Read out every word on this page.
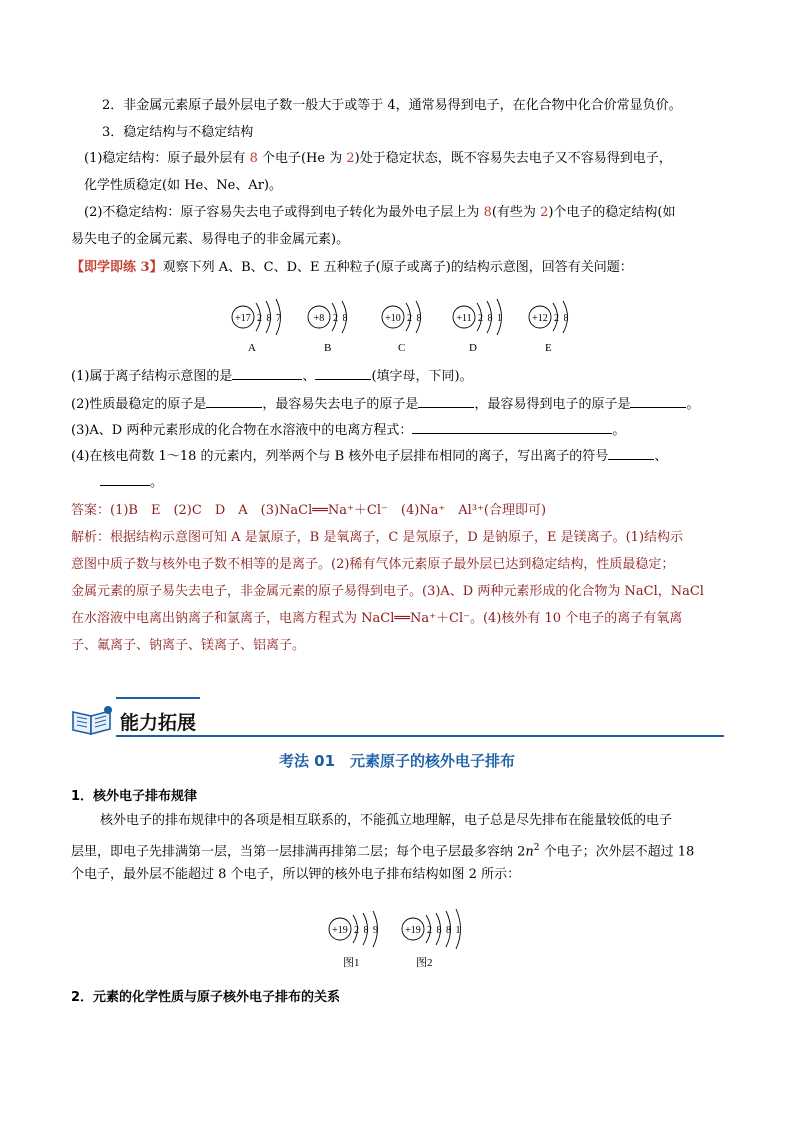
2．非金属元素原子最外层电子数一般大于或等于 4，通常易得到电子，在化合物中化合价常显负价。
3．稳定结构与不稳定结构
(1)稳定结构：原子最外层有 8 个电子(He 为 2)处于稳定状态，既不容易失去电子又不容易得到电子，
化学性质稳定(如 He、Ne、Ar)。
(2)不稳定结构：原子容易失去电子或得到电子转化为最外电子层上为 8(有些为 2)个电子的稳定结构(如
易失电子的金属元素、易得电子的非金属元素)。
【即学即练 3】观察下列 A、B、C、D、E 五种粒子(原子或离子)的结构示意图，回答有关问题：
+17 2 8 7
A
+8 2 8
B
+10 2 8
C
+11 2 8 1
D
+12 2 8
E
(1)属于离子结构示意图的是	、	(填字母，下同)。
(2)性质最稳定的原子是	，最容易失去电子的原子是	，最容易得到电子的原子是	。
(3)A、D 两种元素形成的化合物在水溶液中的电离方程式：	。
(4)在核电荷数 1～18 的元素内，列举两个与 B 核外电子层排布相同的离子，写出离子的符号	、
。
答案：(1)B　E　(2)C　D　A　(3)NaCl══Na⁺＋Cl⁻　(4)Na⁺　Al³⁺(合理即可)
解析：根据结构示意图可知 A 是氯原子，B 是氧离子，C 是氖原子，D 是钠原子，E 是镁离子。(1)结构示
意图中质子数与核外电子数不相等的是离子。(2)稀有气体元素原子最外层已达到稳定结构，性质最稳定；
金属元素的原子易失去电子，非金属元素的原子易得到电子。(3)A、D 两种元素形成的化合物为 NaCl，NaCl
在水溶液中电离出钠离子和氯离子，电离方程式为 NaCl══Na⁺＋Cl⁻。(4)核外有 10 个电子的离子有氧离
子、氟离子、钠离子、镁离子、铝离子。
能力拓展
考法 01　元素原子的核外电子排布
1．核外电子排布规律
核外电子的排布规律中的各项是相互联系的，不能孤立地理解，电子总是尽先排布在能量较低的电子
层里，即电子先排满第一层，当第一层排满再排第二层；每个电子层最多容纳 $2n^2$ 个电子；次外层不超过 18
个电子，最外层不能超过 8 个电子，所以钾的核外电子排布结构如图 2 所示：
+19 2 8 9
图1
+19 2 8 8 1
图2
2．元素的化学性质与原子核外电子排布的关系
